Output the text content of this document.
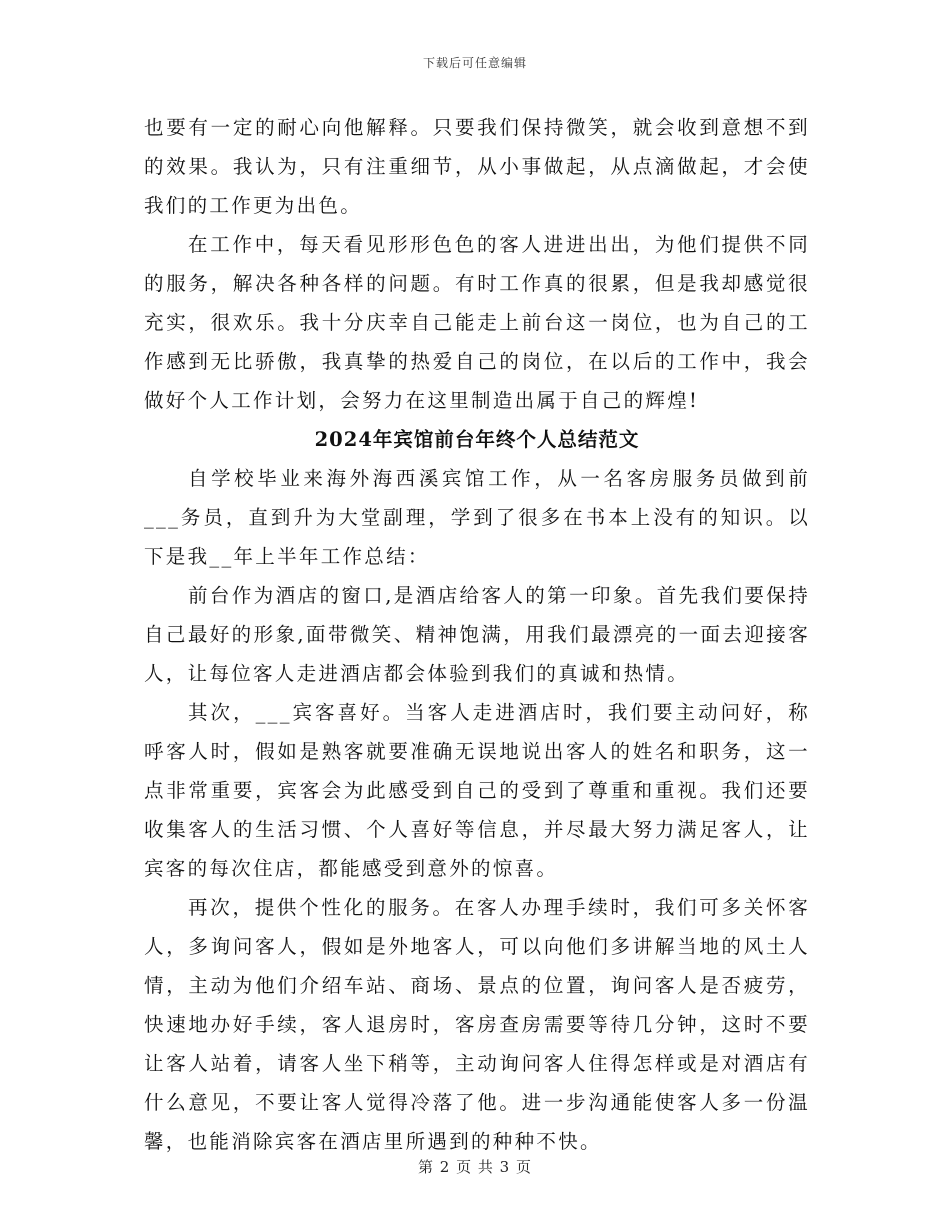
下载后可任意编辑

也要有一定的耐心向他解释。只要我们保持微笑，就会收到意想不到的效果。我认为，只有注重细节，从小事做起，从点滴做起，才会使我们的工作更为出色。

在工作中，每天看见形形色色的客人进进出出，为他们提供不同的服务，解决各种各样的问题。有时工作真的很累，但是我却感觉很充实，很欢乐。我十分庆幸自己能走上前台这一岗位，也为自己的工作感到无比骄傲，我真挚的热爱自己的岗位，在以后的工作中，我会做好个人工作计划，会努力在这里制造出属于自己的辉煌!

2024年宾馆前台年终个人总结范文

自学校毕业来海外海西溪宾馆工作，从一名客房服务员做到前___务员，直到升为大堂副理，学到了很多在书本上没有的知识。以下是我__年上半年工作总结：

前台作为酒店的窗口,是酒店给客人的第一印象。首先我们要保持自己最好的形象,面带微笑、精神饱满，用我们最漂亮的一面去迎接客人，让每位客人走进酒店都会体验到我们的真诚和热情。

其次，___宾客喜好。当客人走进酒店时，我们要主动问好，称呼客人时，假如是熟客就要准确无误地说出客人的姓名和职务，这一点非常重要，宾客会为此感受到自己的受到了尊重和重视。我们还要收集客人的生活习惯、个人喜好等信息，并尽最大努力满足客人，让宾客的每次住店，都能感受到意外的惊喜。

再次，提供个性化的服务。在客人办理手续时，我们可多关怀客人，多询问客人，假如是外地客人，可以向他们多讲解当地的风土人情，主动为他们介绍车站、商场、景点的位置，询问客人是否疲劳，快速地办好手续，客人退房时，客房查房需要等待几分钟，这时不要让客人站着，请客人坐下稍等，主动询问客人住得怎样或是对酒店有什么意见，不要让客人觉得冷落了他。进一步沟通能使客人多一份温馨，也能消除宾客在酒店里所遇到的种种不快。

第 2 页 共 3 页
